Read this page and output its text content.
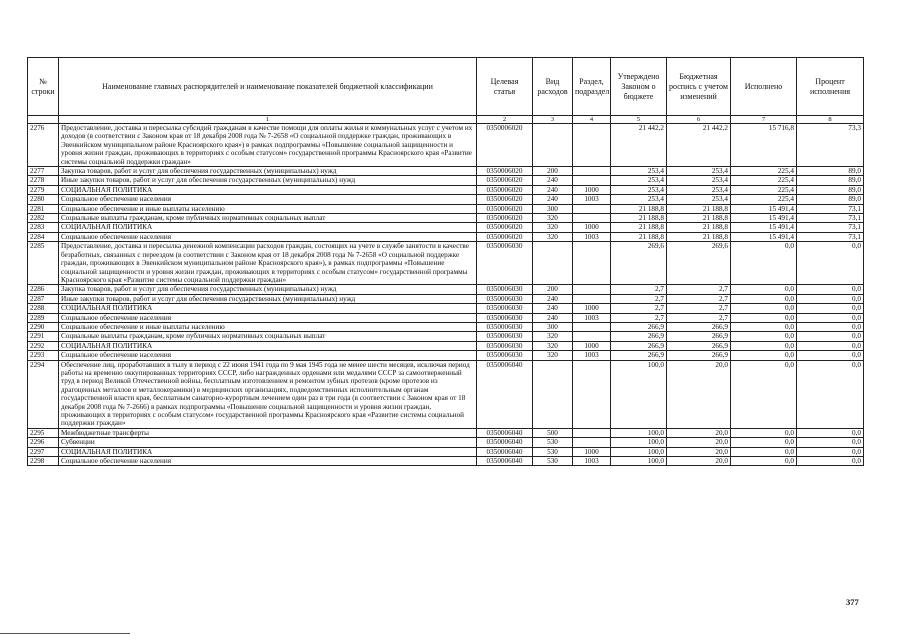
№ строки	Наименование главных распорядителей и наименование показателей бюджетной классификации	Целевая статья	Вид расходов	Раздел, подраздел	Утверждено Законом о бюджете	Бюджетная роспись с учетом изменений	Исполнено	Процент исполнения
	1	2	3	4	5	6	7	8
2276	Предоставление, доставка и пересылка субсидий гражданам в качестве помощи для оплаты жилья и коммунальных услуг с учетом их доходов (в соответствии с Законом края от 18 декабря 2008 года № 7-2658 «О социальной поддержке граждан, проживающих в Эвенкийском муниципальном районе Красноярского края») в рамках подпрограммы «Повышение социальной защищенности и уровня жизни граждан, проживающих в территориях с особым статусом» государственной программы Красноярского края «Развитие системы социальной поддержки граждан»	0350006020			21 442,2	21 442,2	15 716,8	73,3
2277	Закупка товаров, работ и услуг для обеспечения государственных (муниципальных) нужд	0350006020	200		253,4	253,4	225,4	89,0
2278	Иные закупки товаров, работ и услуг для обеспечения государственных (муниципальных) нужд	0350006020	240		253,4	253,4	225,4	89,0
2279	СОЦИАЛЬНАЯ ПОЛИТИКА	0350006020	240	1000	253,4	253,4	225,4	89,0
2280	Социальное обеспечение населения	0350006020	240	1003	253,4	253,4	225,4	89,0
2281	Социальное обеспечение и иные выплаты населению	0350006020	300		21 188,8	21 188,8	15 491,4	73,1
2282	Социальные выплаты гражданам, кроме публичных нормативных социальных выплат	0350006020	320		21 188,8	21 188,8	15 491,4	73,1
2283	СОЦИАЛЬНАЯ ПОЛИТИКА	0350006020	320	1000	21 188,8	21 188,8	15 491,4	73,1
2284	Социальное обеспечение населения	0350006020	320	1003	21 188,8	21 188,8	15 491,4	73,1
2285	Предоставление, доставка и пересылка денежной компенсации расходов граждан, состоящих на учете в службе занятости в качестве безработных, связанных с переездом (в соответствии с Законом края от 18 декабря 2008 года № 7-2658 «О социальной поддержке граждан, проживающих в Эвенкийском муниципальном районе Красноярского края»), в рамках подпрограммы «Повышение социальной защищенности и уровня жизни граждан, проживающих в территориях с особым статусом» государственной программы Красноярского края «Развитие системы социальной поддержки граждан»	0350006030			269,6	269,6	0,0	0,0
2286	Закупка товаров, работ и услуг для обеспечения государственных (муниципальных) нужд	0350006030	200		2,7	2,7	0,0	0,0
2287	Иные закупки товаров, работ и услуг для обеспечения государственных (муниципальных) нужд	0350006030	240		2,7	2,7	0,0	0,0
2288	СОЦИАЛЬНАЯ ПОЛИТИКА	0350006030	240	1000	2,7	2,7	0,0	0,0
2289	Социальное обеспечение населения	0350006030	240	1003	2,7	2,7	0,0	0,0
2290	Социальное обеспечение и иные выплаты населению	0350006030	300		266,9	266,9	0,0	0,0
2291	Социальные выплаты гражданам, кроме публичных нормативных социальных выплат	0350006030	320		266,9	266,9	0,0	0,0
2292	СОЦИАЛЬНАЯ ПОЛИТИКА	0350006030	320	1000	266,9	266,9	0,0	0,0
2293	Социальное обеспечение населения	0350006030	320	1003	266,9	266,9	0,0	0,0
2294	Обеспечение лиц, проработавших в тылу в период с 22 июня 1941 года по 9 мая 1945 года не менее шести месяцев, исключая период работы на временно оккупированных территориях СССР, либо награжденных орденами или медалями СССР за самоотверженный труд в период Великой Отечественной войны, бесплатным изготовлением и ремонтом зубных протезов (кроме протезов из драгоценных металлов и металлокерамики) в медицинских организациях, подведомственных исполнительным органам государственной власти края, бесплатным санаторно-курортным лечением один раз в три года (в соответствии с Законом края от 18 декабря 2008 года № 7-2666) в рамках подпрограммы «Повышение социальной защищенности и уровня жизни граждан, проживающих в территориях с особым статусом» государственной программы Красноярского края «Развитие системы социальной поддержки граждан»	0350006040			100,0	20,0	0,0	0,0
2295	Межбюджетные трансферты	0350006040	500		100,0	20,0	0,0	0,0
2296	Субвенции	0350006040	530		100,0	20,0	0,0	0,0
2297	СОЦИАЛЬНАЯ ПОЛИТИКА	0350006040	530	1000	100,0	20,0	0,0	0,0
2298	Социальное обеспечение населения	0350006040	530	1003	100,0	20,0	0,0	0,0
377
